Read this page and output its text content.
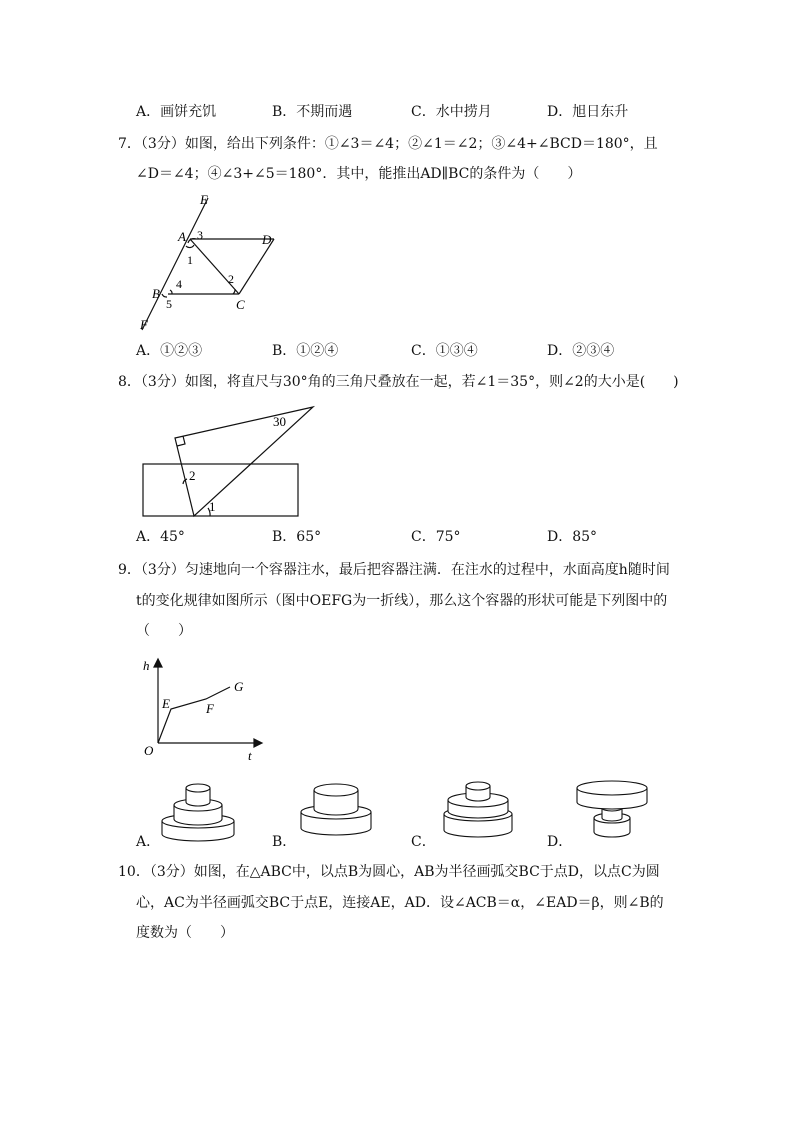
A．画饼充饥	B．不期而遇	C．水中捞月	D．旭日东升
7．（3分）如图，给出下列条件：①∠3＝∠4；②∠1＝∠2；③∠4+∠BCD＝180°，且
∠D＝∠4；④∠3+∠5＝180°．其中，能推出AD∥BC的条件为（　　）
E
A 3	D
1
2
B
4
C
5
F
A．①②③	B．①②④	C．①③④	D．②③④
8．（3分）如图，将直尺与30°角的三角尺叠放在一起，若∠1＝35°，则∠2的大小是(　　)
30
2
1
A．45°	B．65°	C．75°	D．85°
9．（3分）匀速地向一个容器注水，最后把容器注满．在注水的过程中，水面高度h随时间
t的变化规律如图所示（图中OEFG为一折线），那么这个容器的形状可能是下列图中的
（　　）
h
t
O
E	F
G
A．	B．	C．	D．
10．（3分）如图，在△ABC中，以点B为圆心，AB为半径画弧交BC于点D，以点C为圆
心，AC为半径画弧交BC于点E，连接AE，AD．设∠ACB＝α，∠EAD＝β，则∠B的
度数为（　　）
